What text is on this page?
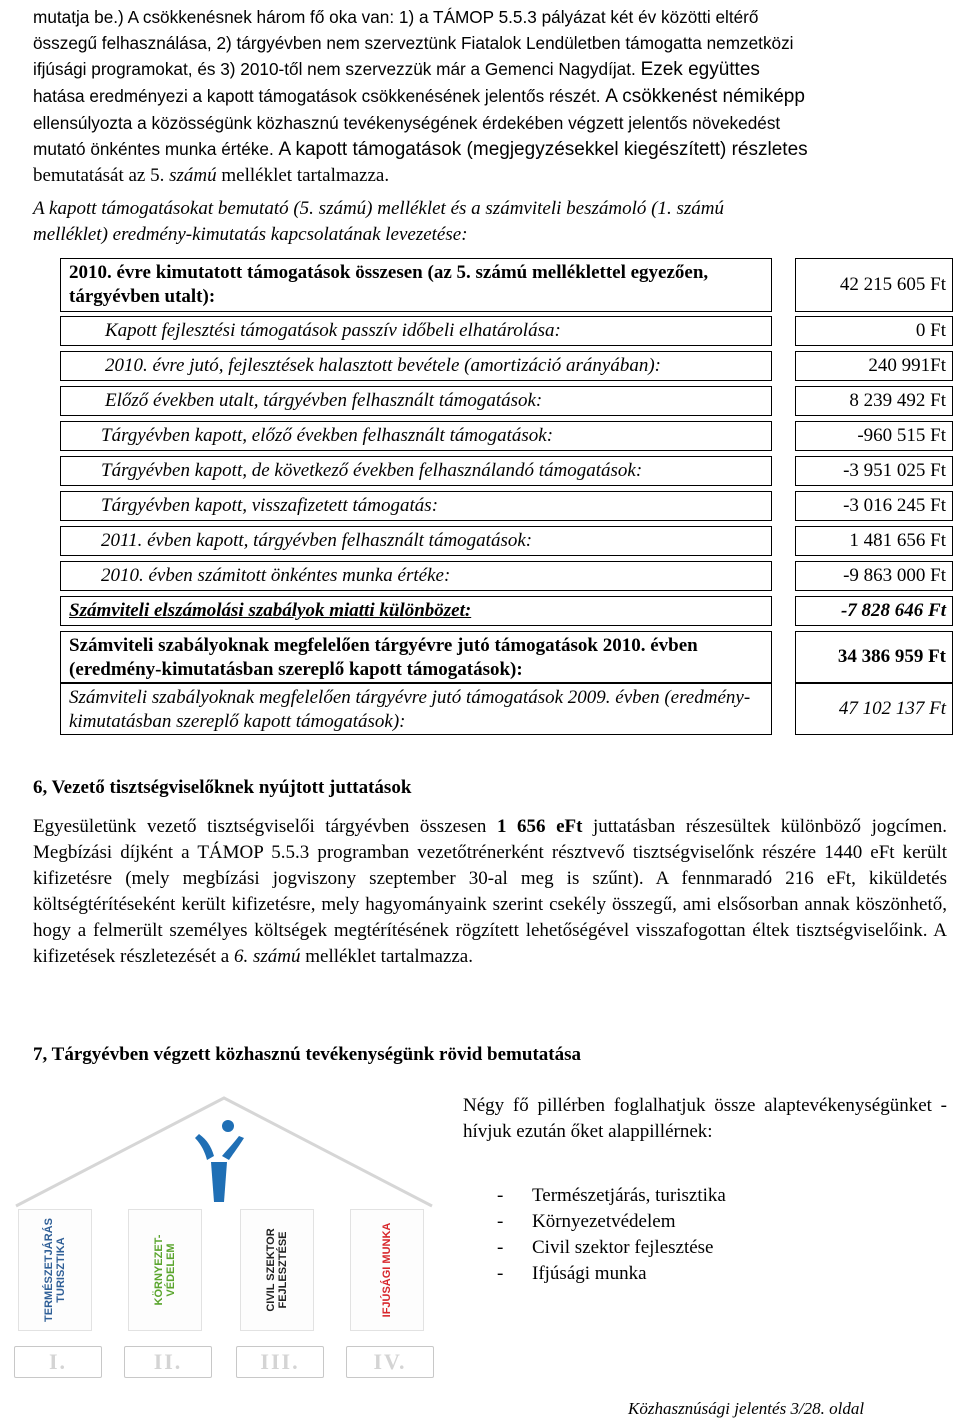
mutatja be.) A csökkenésnek három fő oka van: 1) a TÁMOP 5.5.3 pályázat két év közötti eltérő
összegű felhasználása, 2) tárgyévben nem szerveztünk Fiatalok Lendületben támogatta nemzetközi
ifjúsági programokat, és 3) 2010-től nem szervezzük már a Gemenci Nagydíjat. Ezek együttes
hatása eredményezi a kapott támogatások csökkenésének jelentős részét. A csökkenést némiképp
ellensúlyozta a közösségünk közhasznú tevékenységének érdekében végzett jelentős növekedést
mutató önkéntes munka értéke. A kapott támogatások (megjegyzésekkel kiegészített) részletes
bemutatását az 5. számú melléklet tartalmazza.
A kapott támogatásokat bemutató (5. számú) melléklet és a számviteli beszámoló (1. számú
melléklet) eredmény-kimutatás kapcsolatának levezetése:
2010. évre kimutatott támogatások összesen (az 5. számú melléklettel egyezően, tárgyévben utalt):
42 215 605 Ft
Kapott fejlesztési támogatások passzív időbeli elhatárolása:	0 Ft
2010. évre jutó, fejlesztések halasztott bevétele (amortizáció arányában):	240 991Ft
Előző években utalt, tárgyévben felhasznált támogatások:	8 239 492 Ft
Tárgyévben kapott, előző években felhasznált támogatások:	-960 515 Ft
Tárgyévben kapott, de következő években felhasználandó támogatások:	-3 951 025 Ft
Tárgyévben kapott, visszafizetett támogatás:	-3 016 245 Ft
2011. évben kapott, tárgyévben felhasznált támogatások:	1 481 656 Ft
2010. évben számitott önkéntes munka értéke:	-9 863 000 Ft
Számviteli elszámolási szabályok miatti különbözet:	-7 828 646 Ft
Számviteli szabályoknak megfelelően tárgyévre jutó támogatások 2010. évben (eredmény-kimutatásban szereplő kapott támogatások):
34 386 959 Ft
Számviteli szabályoknak megfelelően tárgyévre jutó támogatások 2009. évben (eredmény-kimutatásban szereplő kapott támogatások):
47 102 137 Ft
6, Vezető tisztségviselőknek nyújtott juttatások
Egyesületünk vezető tisztségviselői tárgyévben összesen 1 656 eFt juttatásban részesültek különböző jogcímen. Megbízási díjként a TÁMOP 5.5.3 programban vezetőtrénerként résztvevő tisztségviselőnk részére 1440 eFt került kifizetésre (mely megbízási jogviszony szeptember 30-al meg is szűnt). A fennmaradó 216 eFt, kiküldetés költségtérítéseként került kifizetésre, mely hagyományaink szerint csekély összegű, ami elsősorban annak köszönhető, hogy a felmerült személyes költségek megtérítésének rögzített lehetőségével visszafogottan éltek tisztségviselőink. A kifizetések részletezését a 6. számú melléklet tartalmazza.
7, Tárgyévben végzett közhasznú tevékenységünk rövid bemutatása
TERMÉSZETJÁRÁS
TURISZTIKA	KÖRNYEZET-
VÉDELEM
CIVIL SZEKTOR
FEJLESZTÉSE	IFJÚSÁGI MUNKA
I.	II.	III.	IV.
Négy fő pillérben foglalhatjuk össze alaptevékenységünket - hívjuk ezután őket alappillérnek:
- Természetjárás, turisztika
- Környezetvédelem
- Civil szektor fejlesztése
- Ifjúsági munka
Közhasznúsági jelentés 3/28. oldal
